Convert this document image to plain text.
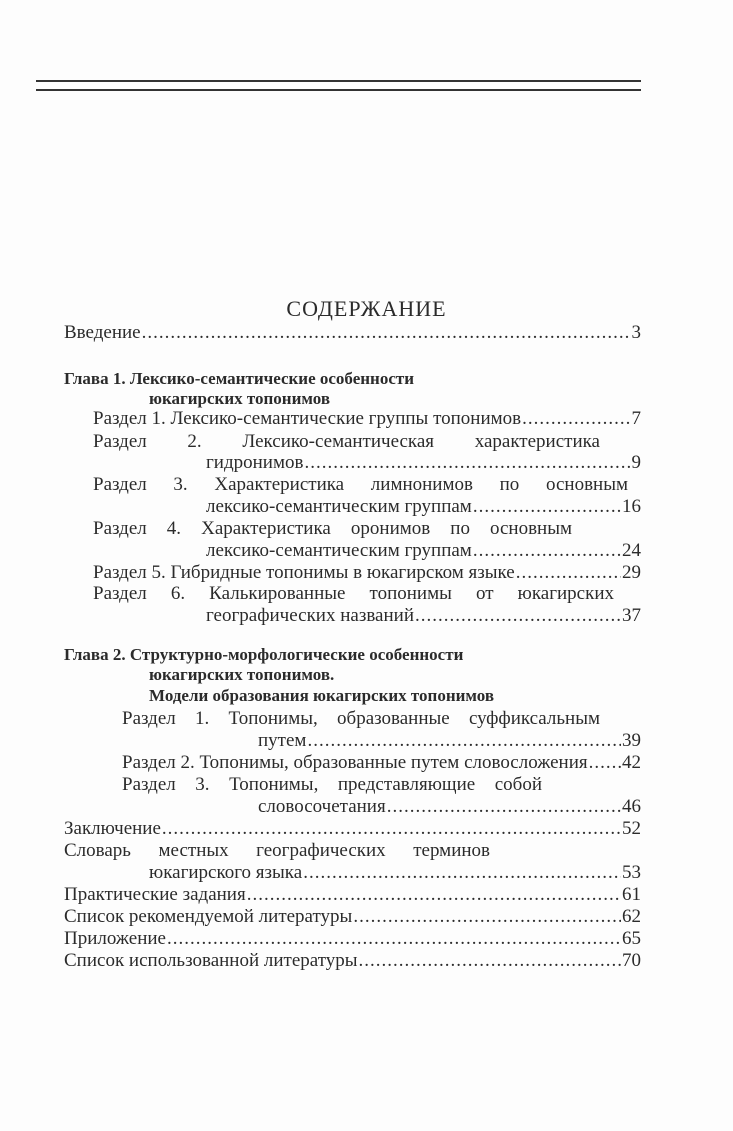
СОДЕРЖАНИЕ
Введение .....	3
Глава 1. Лексико-семантические особенности
юкагирских топонимов
Раздел 1. Лексико-семантические группы топонимов .....	7
Раздел 2. Лексико-семантическая характеристика
гидронимов .....	9
Раздел 3. Характеристика лимнонимов по основным
лексико-семантическим группам .....	16
Раздел 4. Характеристика оронимов по основным
лексико-семантическим группам .....	24
Раздел 5. Гибридные топонимы в юкагирском языке .....	29
Раздел 6. Калькированные топонимы от юкагирских
географических названий .....	37
Глава 2. Структурно-морфологические особенности
юкагирских топонимов.
Модели образования юкагирских топонимов
Раздел 1. Топонимы, образованные суффиксальным
путем .....	39
Раздел 2. Топонимы, образованные путем словосложения ..... 42
Раздел 3. Топонимы, представляющие собой
словосочетания .....	46
Заключение .....	52
Словарь местных географических терминов
юкагирского языка .....	53
Практические задания .....	61
Список рекомендуемой литературы .....	62
Приложение .....	65
Список использованной литературы .....	70
